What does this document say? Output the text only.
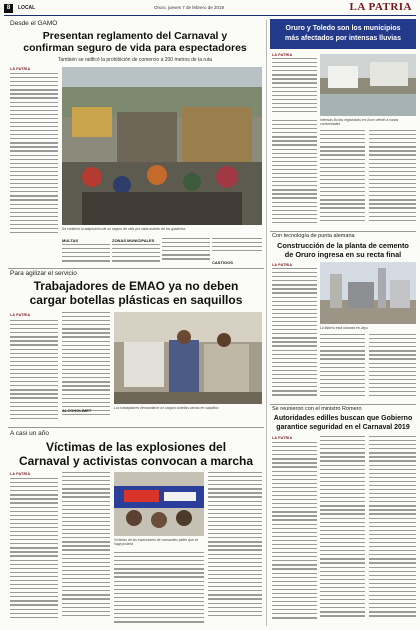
8	LOCAL	Oruro, jueves 7 de febrero de 2019	LA PATRIA
Desde el GAMO
Presentan reglamento del Carnaval y
confirman seguro de vida para espectadores
También se ratificó la prohibición de comercio a 200 metros de la ruta
LA PATRIA
Se confirmó la adquisición de un seguro de vida por cada asiento de los graderíos
MULTAS	ZONAS MUNICIPALES
CASTIGOS
Para agilizar el servicio
Trabajadores de EMAO ya no deben
cargar botellas plásticas en saquillos
LA PATRIA
ALCOHOLIMET	Los trabajadores demandaron un carguío botellas vacías en saquillos
A casi un año
Víctimas de las explosiones del
Carnaval y activistas convocan a marcha
LA PATRIA
Víctimas de las explosiones de carnavales piden que se haga justicia
Oruro y Toledo son los municipios
más afectados por intensas lluvias
LA PATRIA
Intensas lluvias registradas en Oruro afectó a varias comunidades
Con tecnología de punta alemana
Construcción de la planta de cemento
de Oruro ingresa en su recta final
LA PATRIA
La fábrica está ubicada en Jayu
Se reunieron con el ministro Romero
Autoridades edilles buscan que Gobierno
garantice seguridad en el Carnaval 2019
LA PATRIA
